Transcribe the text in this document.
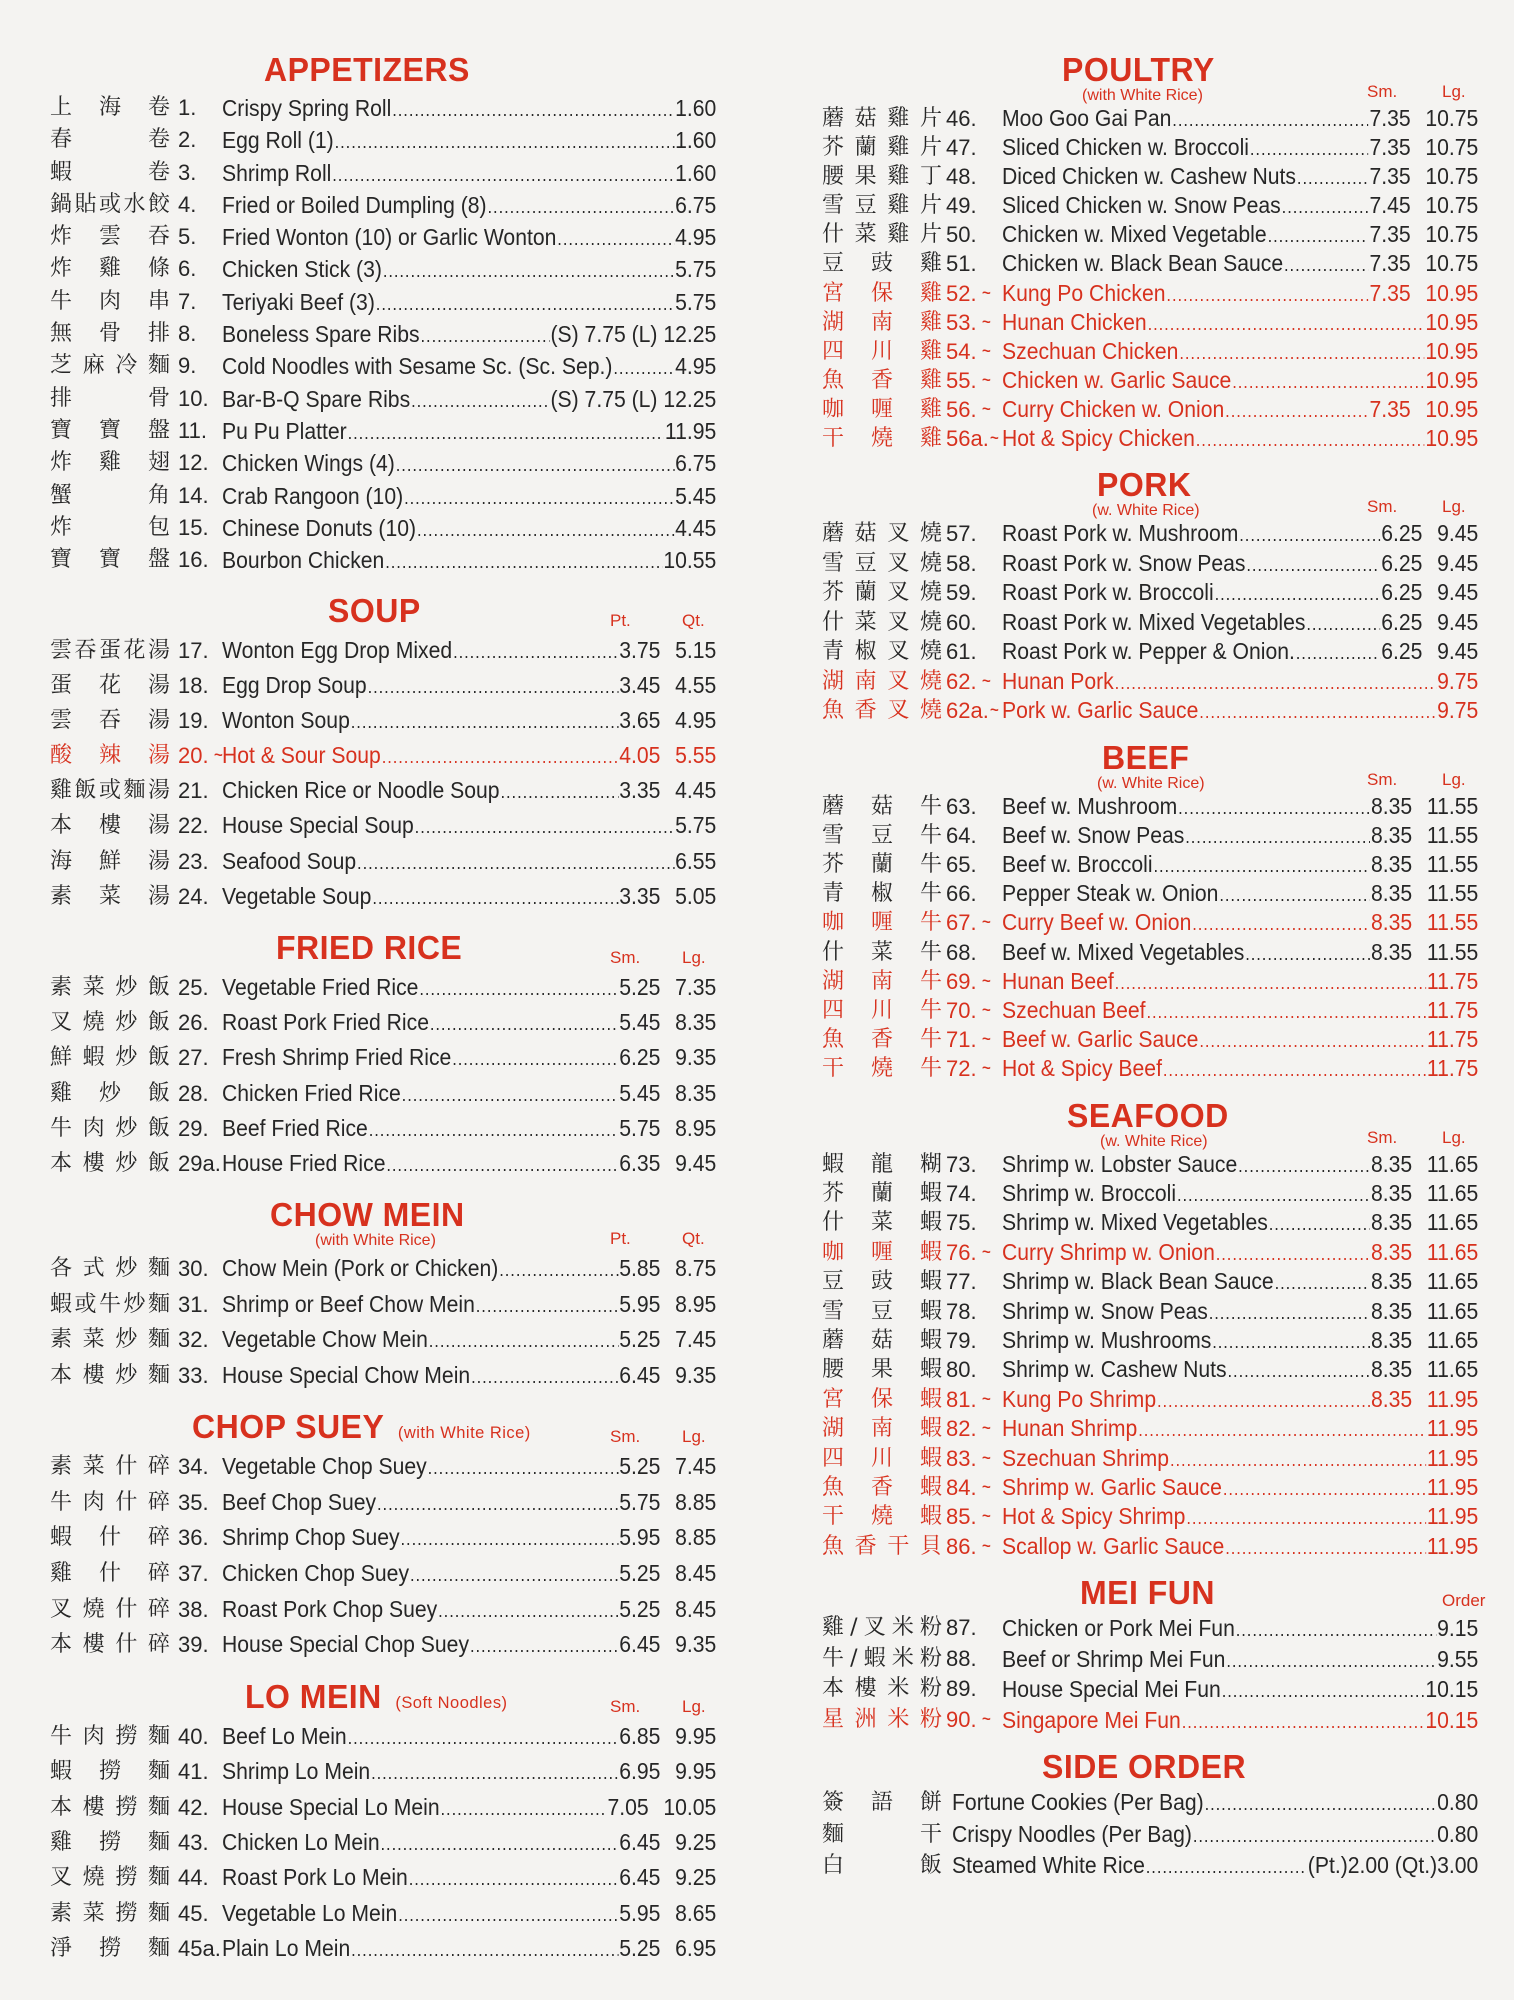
APPETIZERS
上 海 卷 1. Crispy Spring Roll .....	1.60
春	卷 2. Egg Roll (1) .....	1.60
蝦	卷 3. Shrimp Roll .....	1.60
鍋 貼 或 水 餃 4. Fried or Boiled Dumpling (8) .....	6.75
炸 雲 吞 5. Fried Wonton (10) or Garlic Wonton .....	4.95
炸 雞 條 6. Chicken Stick (3) .....	5.75
牛 肉 串 7. Teriyaki Beef (3) .....	5.75
無 骨 排 8. Boneless Spare Ribs .....	(S) 7.75 (L) 12.25
芝 麻 冷 麵 9. Cold Noodles with Sesame Sc. (Sc. Sep.) .....	4.95
排	骨 10. Bar-B-Q Spare Ribs .....	(S) 7.75 (L) 12.25
寶 寶 盤 11. Pu Pu Platter .....	11.95
炸 雞 翅 12. Chicken Wings (4) .....	6.75
蟹	角 14. Crab Rangoon (10) .....	5.45
炸	包 15. Chinese Donuts (10) .....	4.45
寶 寶 盤 16. Bourbon Chicken .....	10.55
SOUP	Pt.	Qt.
雲 吞 蛋 花 湯 17. Wonton Egg Drop Mixed .....	3.75 5.15
蛋 花 湯 18. Egg Drop Soup .....	3.45 4.55
雲 吞 湯 19. Wonton Soup .....	3.65 4.95
酸 辣 湯 20. ~ Hot & Sour Soup .....	4.05 5.55
雞 飯 或 麵 湯 21. Chicken Rice or Noodle Soup .....	3.35 4.45
本 樓 湯 22. House Special Soup .....	5.75
海 鮮 湯 23. Seafood Soup .....	6.55
素 菜 湯 24. Vegetable Soup .....	3.35 5.05
FRIED RICE	Sm. Lg.
素 菜 炒 飯 25. Vegetable Fried Rice .....	5.25 7.35
叉 燒 炒 飯 26. Roast Pork Fried Rice .....	5.45 8.35
鮮 蝦 炒 飯 27. Fresh Shrimp Fried Rice .....	6.25 9.35
雞 炒 飯 28. Chicken Fried Rice .....	5.45 8.35
牛 肉 炒 飯 29. Beef Fried Rice .....	5.75 8.95
本 樓 炒 飯 29a. House Fried Rice .....	6.35 9.45
CHOW MEIN
(with White Rice)	Pt.	Qt.
各 式 炒 麵 30. Chow Mein (Pork or Chicken) .....	5.85 8.75
蝦 或 牛 炒 麵 31. Shrimp or Beef Chow Mein .....	5.95 8.95
素 菜 炒 麵 32. Vegetable Chow Mein .....	5.25 7.45
本 樓 炒 麵 33. House Special Chow Mein .....	6.45 9.35
CHOP SUEY (with White Rice)	Sm. Lg.
素 菜 什 碎 34. Vegetable Chop Suey .....	5.25 7.45
牛 肉 什 碎 35. Beef Chop Suey .....	5.75 8.85
蝦 什 碎 36. Shrimp Chop Suey .....	5.95 8.85
雞 什 碎 37. Chicken Chop Suey .....	5.25 8.45
叉 燒 什 碎 38. Roast Pork Chop Suey .....	5.25 8.45
本 樓 什 碎 39. House Special Chop Suey .....	6.45 9.35
LO MEIN (Soft Noodles)	Sm. Lg.
牛 肉 撈 麵 40. Beef Lo Mein .....	6.85 9.95
蝦 撈 麵 41. Shrimp Lo Mein .....	6.95 9.95
本 樓 撈 麵 42. House Special Lo Mein .....	7.05 10.05
雞 撈 麵 43. Chicken Lo Mein .....	6.45 9.25
叉 燒 撈 麵 44. Roast Pork Lo Mein .....	6.45 9.25
素 菜 撈 麵 45. Vegetable Lo Mein .....	5.95 8.65
淨 撈 麵 45a. Plain Lo Mein .....	5.25 6.95
POULTRY
(with White Rice)	Sm.	Lg.
蘑 菇 雞 片 46. Moo Goo Gai Pan .....	7.35 10.75
芥 蘭 雞 片 47. Sliced Chicken w. Broccoli .....	7.35 10.75
腰 果 雞 丁 48. Diced Chicken w. Cashew Nuts .....	7.35 10.75
雪 豆 雞 片 49. Sliced Chicken w. Snow Peas .....	7.45 10.75
什 菜 雞 片 50. Chicken w. Mixed Vegetable .....	7.35 10.75
豆 豉 雞 51. Chicken w. Black Bean Sauce .....	7.35 10.75
宮 保 雞 52. ~ Kung Po Chicken .....	7.35 10.95
湖 南 雞 53. ~ Hunan Chicken .....	10.95
四 川 雞 54. ~ Szechuan Chicken .....	10.95
魚 香 雞 55. ~ Chicken w. Garlic Sauce .....	10.95
咖 喱 雞 56. ~ Curry Chicken w. Onion .....	7.35 10.95
干 燒 雞 56a. ~ Hot & Spicy Chicken .....	10.95
PORK
(w. White Rice)	Sm.	Lg.
蘑 菇 叉 燒 57. Roast Pork w. Mushroom .....	6.25 9.45
雪 豆 叉 燒 58. Roast Pork w. Snow Peas .....	6.25 9.45
芥 蘭 叉 燒 59. Roast Pork w. Broccoli .....	6.25 9.45
什 菜 叉 燒 60. Roast Pork w. Mixed Vegetables .....	6.25 9.45
青 椒 叉 燒 61. Roast Pork w. Pepper & Onion. .....	6.25 9.45
湖 南 叉 燒 62. ~ Hunan Pork .....	9.75
魚 香 叉 燒 62a. ~ Pork w. Garlic Sauce .....	9.75
BEEF
(w. White Rice)	Sm.	Lg.
蘑 菇 牛 63. Beef w. Mushroom .....	8.35 11.55
雪 豆 牛 64. Beef w. Snow Peas .....	8.35 11.55
芥 蘭 牛 65. Beef w. Broccoli .....	8.35 11.55
青 椒 牛 66. Pepper Steak w. Onion .....	8.35 11.55
咖 喱 牛 67. ~ Curry Beef w. Onion .....	8.35 11.55
什 菜 牛 68. Beef w. Mixed Vegetables .....	8.35 11.55
湖 南 牛 69. ~ Hunan Beef .....	11.75
四 川 牛 70. ~ Szechuan Beef .....	11.75
魚 香 牛 71. ~ Beef w. Garlic Sauce .....	11.75
干 燒 牛 72. ~ Hot & Spicy Beef .....	11.75
SEAFOOD
(w. White Rice)	Sm.	Lg.
蝦 龍 糊 73. Shrimp w. Lobster Sauce .....	8.35 11.65
芥 蘭 蝦 74. Shrimp w. Broccoli .....	8.35 11.65
什 菜 蝦 75. Shrimp w. Mixed Vegetables .....	8.35 11.65
咖 喱 蝦 76. ~ Curry Shrimp w. Onion .....	8.35 11.65
豆 豉 蝦 77. Shrimp w. Black Bean Sauce .....	8.35 11.65
雪 豆 蝦 78. Shrimp w. Snow Peas .....	8.35 11.65
蘑 菇 蝦 79. Shrimp w. Mushrooms .....	8.35 11.65
腰 果 蝦 80. Shrimp w. Cashew Nuts .....	8.35 11.65
宮 保 蝦 81. ~ Kung Po Shrimp .....	8.35 11.95
湖 南 蝦 82. ~ Hunan Shrimp .....	11.95
四 川 蝦 83. ~ Szechuan Shrimp .....	11.95
魚 香 蝦 84. ~ Shrimp w. Garlic Sauce .....	11.95
干 燒 蝦 85. ~ Hot & Spicy Shrimp .....	11.95
魚 香 干 貝 86. ~ Scallop w. Garlic Sauce .....	11.95
MEI FUN	Order
雞 / 叉 米 粉 87. Chicken or Pork Mei Fun .....	9.15
牛 / 蝦 米 粉 88. Beef or Shrimp Mei Fun .....	9.55
本 樓 米 粉 89. House Special Mei Fun .....	10.15
星 洲 米 粉 90. ~ Singapore Mei Fun .....	10.15
SIDE ORDER
簽 語 餅 Fortune Cookies (Per Bag) .....	0.80
麵	干 Crispy Noodles (Per Bag) .....	0.80
白	飯 Steamed White Rice .....	(Pt.)2.00 (Qt.)3.00
